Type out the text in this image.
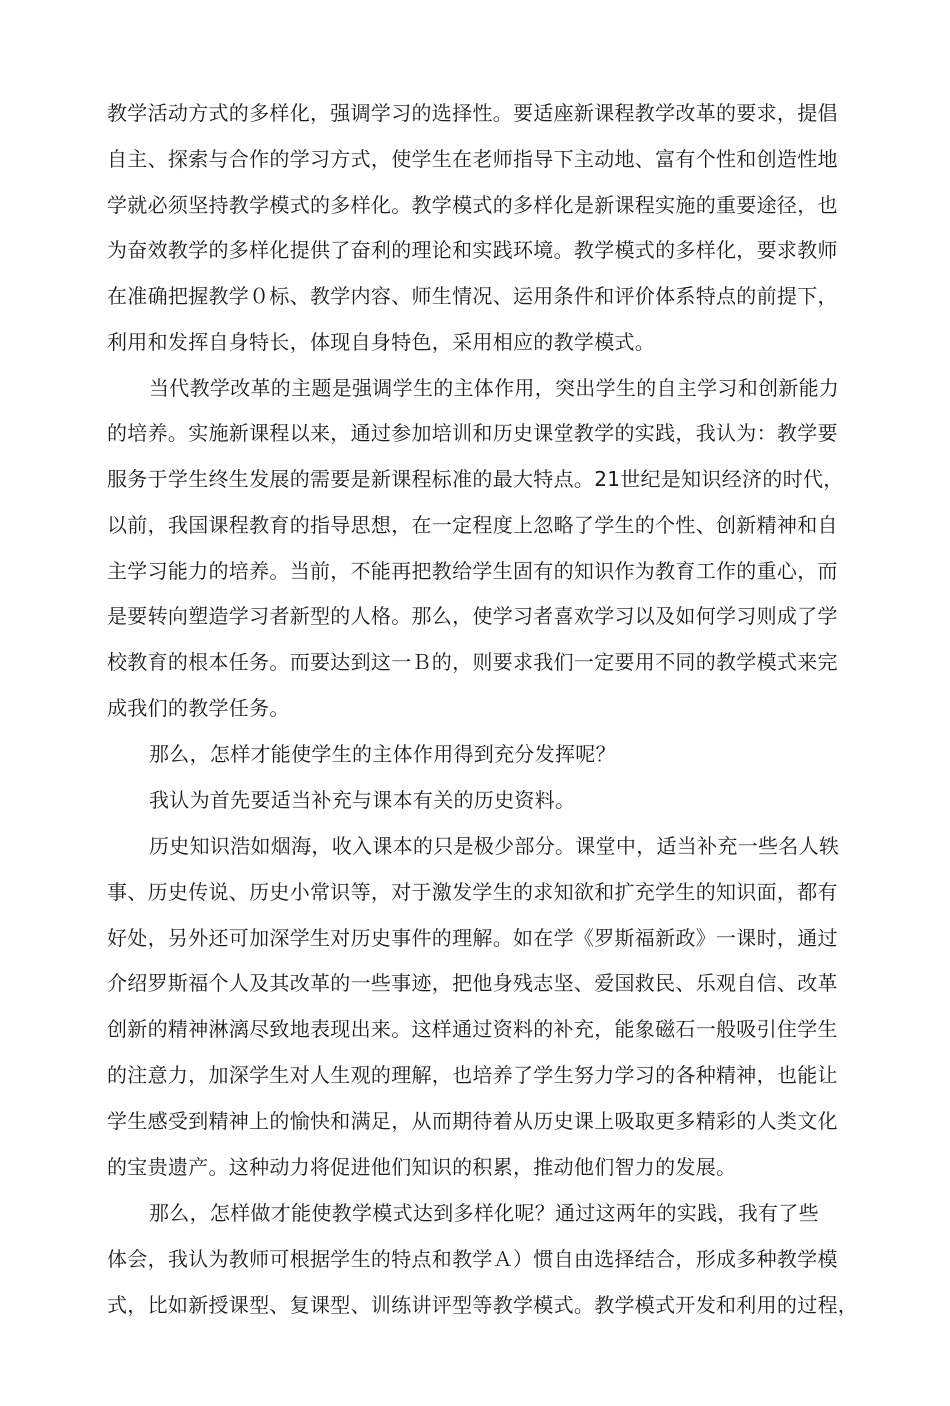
教学活动方式的多样化，强调学习的选择性。要适座新课程教学改革的要求，提倡
自主、探索与合作的学习方式，使学生在老师指导下主动地、富有个性和创造性地
学就必须坚持教学模式的多样化。教学模式的多样化是新课程实施的重要途径，也
为奋效教学的多样化提供了奋利的理论和实践环境。教学模式的多样化，要求教师
在准确把握教学０标、教学内容、师生情况、运用条件和评价体系特点的前提下，
利用和发挥自身特长，体现自身特色，采用相应的教学模式。
当代教学改革的主题是强调学生的主体作用，突出学生的自主学习和创新能力
的培养。实施新课程以来，通过参加培训和历史课堂教学的实践，我认为：教学要
服务于学生终生发展的需要是新课程标准的最大特点。21世纪是知识经济的时代，
以前，我国课程教育的指导思想，在一定程度上忽略了学生的个性、创新精神和自
主学习能力的培养。当前，不能再把教给学生固有的知识作为教育工作的重心，而
是要转向塑造学习者新型的人格。那么，使学习者喜欢学习以及如何学习则成了学
校教育的根本任务。而要达到这一Ｂ的，则要求我们一定要用不同的教学模式来完
成我们的教学任务。
那么，怎样才能使学生的主体作用得到充分发挥呢？
我认为首先要适当补充与课本有关的历史资料。
历史知识浩如烟海，收入课本的只是极少部分。课堂中，适当补充一些名人轶
事、历史传说、历史小常识等，对于激发学生的求知欲和扩充学生的知识面，都有
好处，另外还可加深学生对历史事件的理解。如在学《罗斯福新政》一课时，通过
介绍罗斯福个人及其改革的一些事迹，把他身残志坚、爱国救民、乐观自信、改革
创新的精神淋漓尽致地表现出来。这样通过资料的补充，能象磁石一般吸引住学生
的注意力，加深学生对人生观的理解，也培养了学生努力学习的各种精神，也能让
学生感受到精神上的愉快和满足，从而期待着从历史课上吸取更多精彩的人类文化
的宝贵遗产。这种动力将促进他们知识的积累，推动他们智力的发展。
那么，怎样做才能使教学模式达到多样化呢？通过这两年的实践，我有了些
体会，我认为教师可根据学生的特点和教学Ａ）惯自由选择结合，形成多种教学模
式，比如新授课型、复课型、训练讲评型等教学模式。教学模式开发和利用的过程，
